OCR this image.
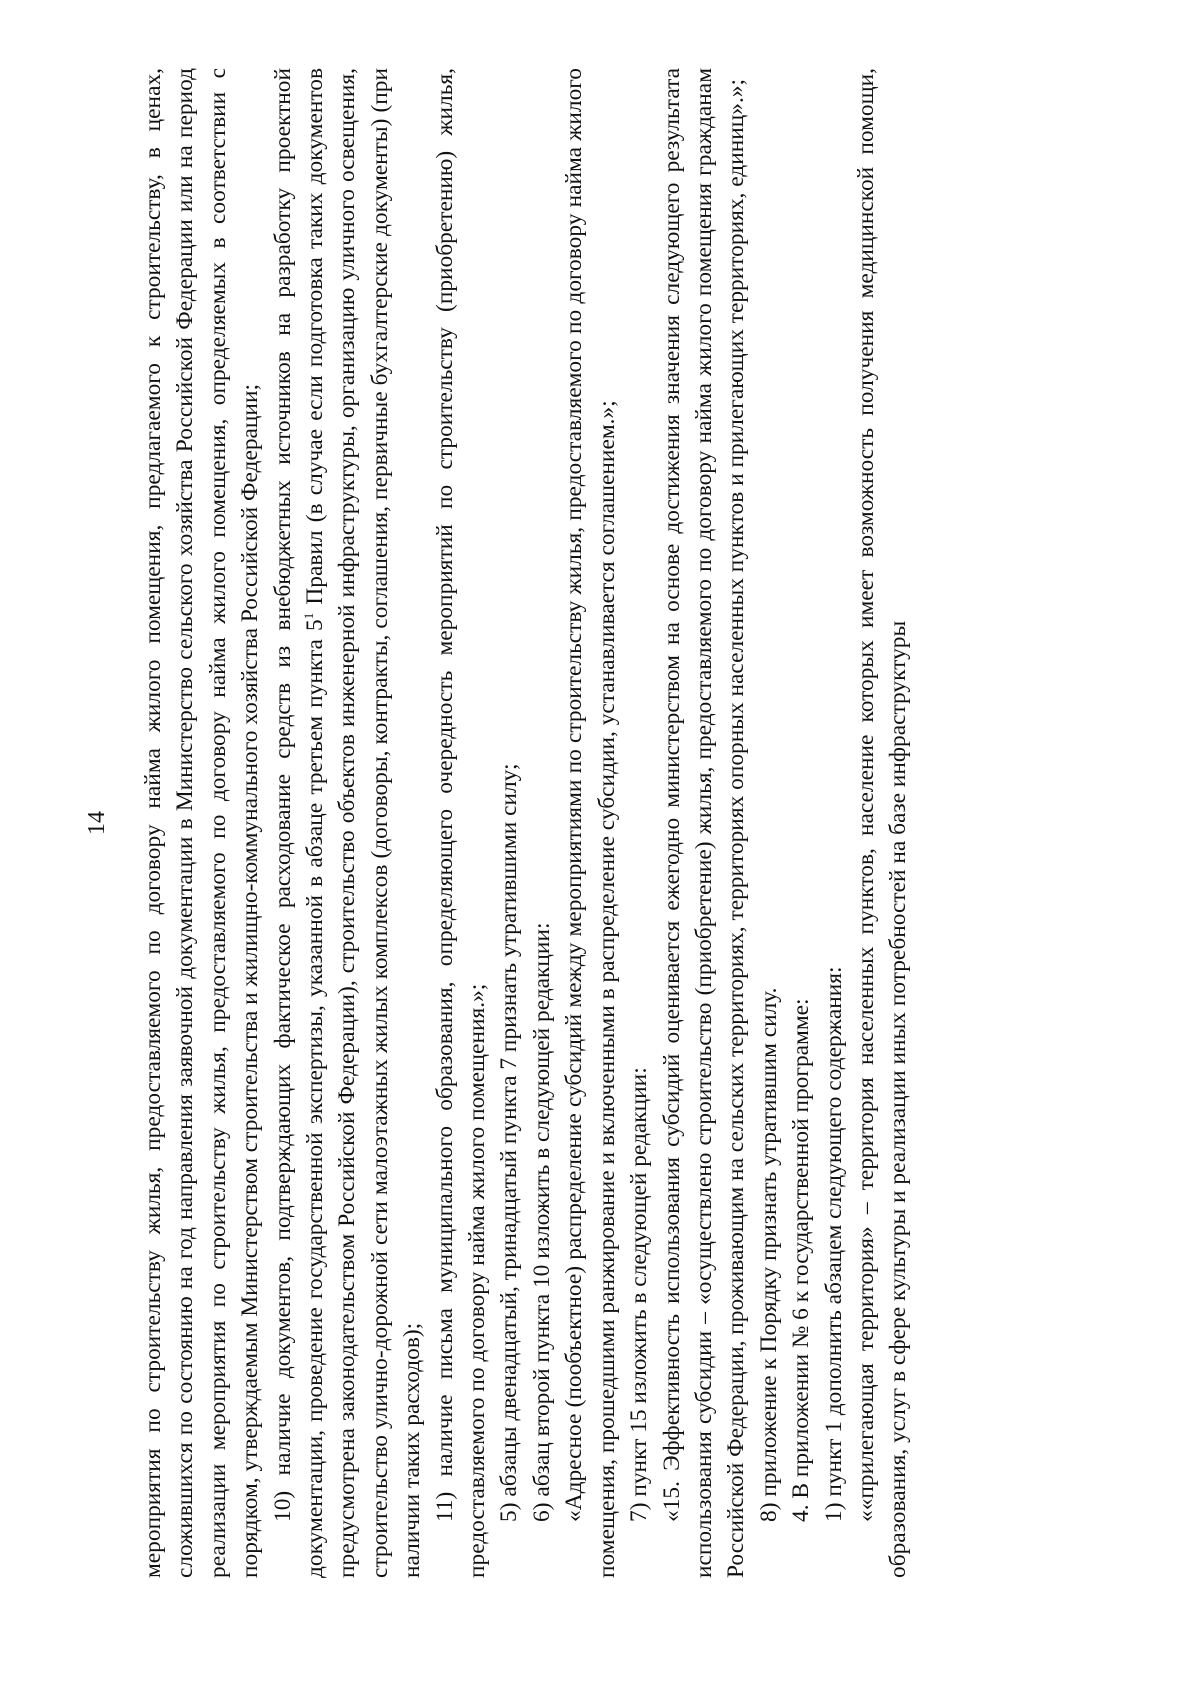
14 мероприятия по строительству жилья, предоставляемого по договору найма жилого помещения, предлагаемого к строительству, в ценах, сложившихся по состоянию на год направления заявочной документации в Министерство сельского хозяйства Российской Федерации или на период реализации мероприятия по строительству жилья, предоставляемого по договору найма жилого помещения, определяемых в соответствии с порядком, утверждаемым Министерством строительства и жилищно-коммунального хозяйства Российской Федерации; 10) наличие документов, подтверждающих фактическое расходование средств из внебюджетных источников на разработку проектной документации, проведение государственной экспертизы, указанной в абзаце третьем пункта $5^1$ Правил (в случае если подготовка таких документов предусмотрена законодательством Российской Федерации), строительство объектов инженерной инфраструктуры, организацию уличного освещения, строительство улично-дорожной сети малоэтажных жилых комплексов (договоры, контракты, соглашения, первичные бухгалтерские документы) (при наличии таких расходов); 11) наличие письма муниципального образования, определяющего очередность мероприятий по строительству (приобретению) жилья, предоставляемого по договору найма жилого помещения.»; 5) абзацы двенадцатый, тринадцатый пункта 7 признать утратившими силу; 6) абзац второй пункта 10 изложить в следующей редакции: «Адресное (пообъектное) распределение субсидий между мероприятиями по строительству жилья, предоставляемого по договору найма жилого помещения, прошедшими ранжирование и включенными в распределение субсидии, устанавливается соглашением.»; 7) пункт 15 изложить в следующей редакции: «15. Эффективность использования субсидий оценивается ежегодно министерством на основе достижения значения следующего результата использования субсидии – «осуществлено строительство (приобретение) жилья, предоставляемого по договору найма жилого помещения гражданам Российской Федерации, проживающим на сельских территориях, территориях опорных населенных пунктов и прилегающих территориях, единиц».»; 8) приложение к Порядку признать утратившим силу. 4. В приложении № 6 к государственной программе: 1) пункт 1 дополнить абзацем следующего содержания: ««прилегающая территория» – территория населенных пунктов, население которых имеет возможность получения медицинской помощи, образования, услуг в сфере культуры и реализации иных потребностей на базе инфраструктуры
